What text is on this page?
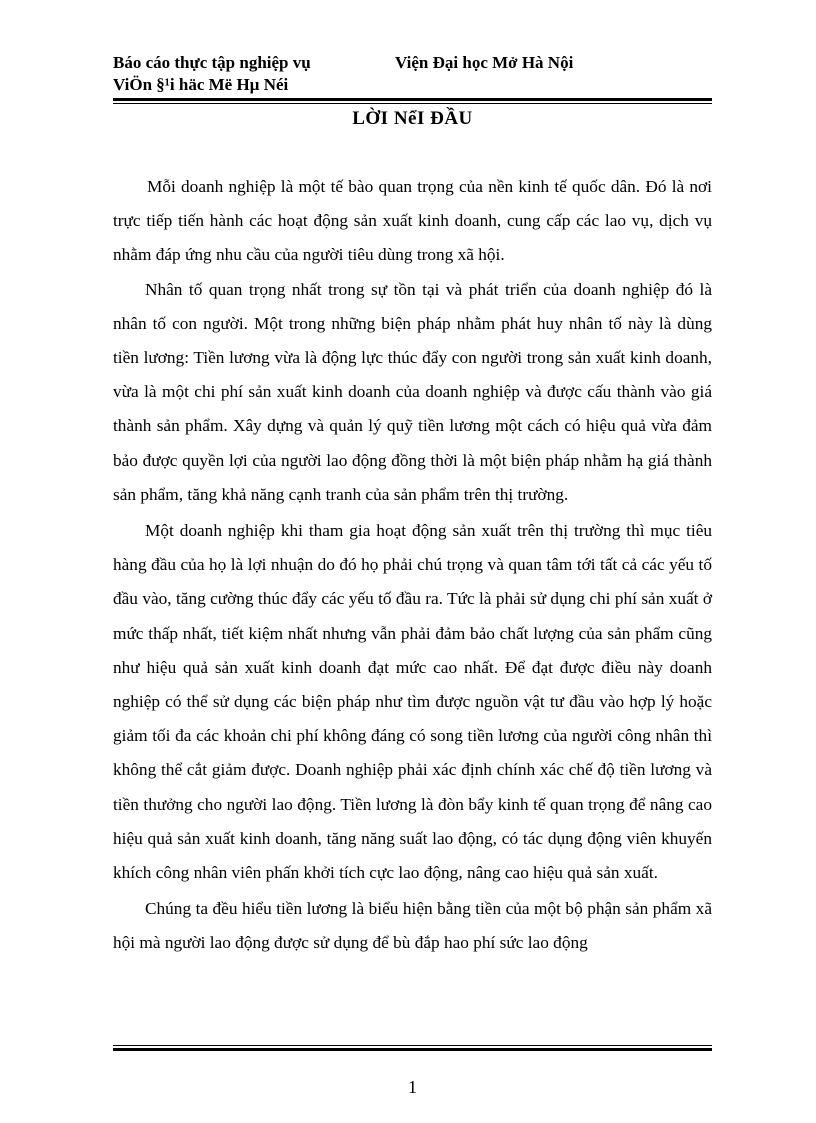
Báo cáo thực tập nghiệp vụ	Viện Đại học Mở Hà Nội
ViÖn §¹i häc Më Hµ Néi
LỜI NểI ĐẦU

Mỗi doanh nghiệp là một tế bào quan trọng của nền kinh tế quốc dân. Đó là nơi trực tiếp tiến hành các hoạt động sản xuất kinh doanh, cung cấp các lao vụ, dịch vụ nhằm đáp ứng nhu cầu của người tiêu dùng trong xã hội.

Nhân tố quan trọng nhất trong sự tồn tại và phát triển của doanh nghiệp đó là nhân tố con người. Một trong những biện pháp nhằm phát huy nhân tố này là dùng tiền lương: Tiền lương vừa là động lực thúc đẩy con người trong sản xuất kinh doanh, vừa là một chi phí sản xuất kinh doanh của doanh nghiệp và được cấu thành vào giá thành sản phẩm. Xây dựng và quản lý quỹ tiền lương một cách có hiệu quả vừa đảm bảo được quyền lợi của người lao động đồng thời là một biện pháp nhằm hạ giá thành sản phẩm, tăng khả năng cạnh tranh của sản phẩm trên thị trường.

Một doanh nghiệp khi tham gia hoạt động sản xuất trên thị trường thì mục tiêu hàng đầu của họ là lợi nhuận do đó họ phải chú trọng và quan tâm tới tất cả các yếu tố đầu vào, tăng cường thúc đẩy các yếu tố đầu ra. Tức là phải sử dụng chi phí sản xuất ở mức thấp nhất, tiết kiệm nhất nhưng vẫn phải đảm bảo chất lượng của sản phẩm cũng như hiệu quả sản xuất kinh doanh đạt mức cao nhất. Để đạt được điều này doanh nghiệp có thể sử dụng các biện pháp như tìm được nguồn vật tư đầu vào hợp lý hoặc giảm tối đa các khoản chi phí không đáng có song tiền lương của người công nhân thì không thể cắt giảm được. Doanh nghiệp phải xác định chính xác chế độ tiền lương và tiền thưởng cho người lao động. Tiền lương là đòn bẩy kinh tế quan trọng để nâng cao hiệu quả sản xuất kinh doanh, tăng năng suất lao động, có tác dụng động viên khuyến khích công nhân viên phấn khởi tích cực lao động, nâng cao hiệu quả sản xuất.

Chúng ta đều hiểu tiền lương là biểu hiện bằng tiền của một bộ phận sản phẩm xã hội mà người lao động được sử dụng để bù đắp hao phí sức lao động

1
